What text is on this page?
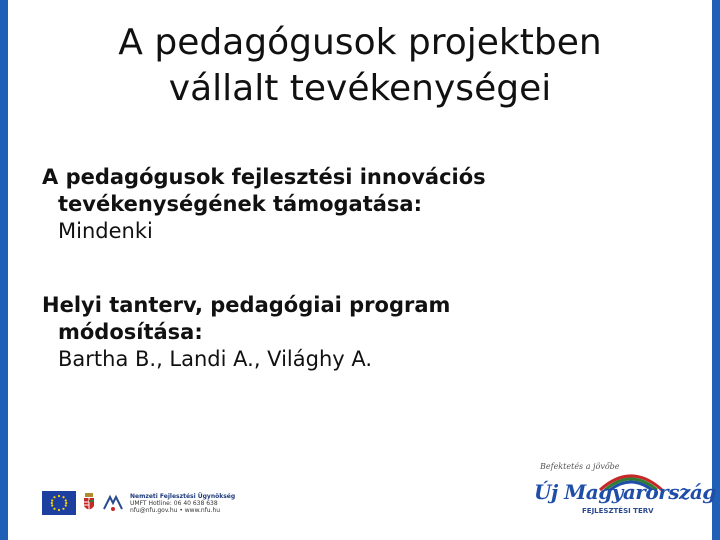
A pedagógusok projektben
vállalt tevékenységei
A pedagógusok fejlesztési innovációs
tevékenységének támogatása:
Mindenki
Helyi tanterv, pedagógiai program
módosítása:
Bartha B., Landi A., Világhy A.
Nemzeti Fejlesztési Ügynökség
UMFT Hotline: 06 40 638 638
nfu@nfu.gov.hu • www.nfu.hu
Befektetés a jövőbe
Új Magyarország
FEJLESZTÉSI TERV
